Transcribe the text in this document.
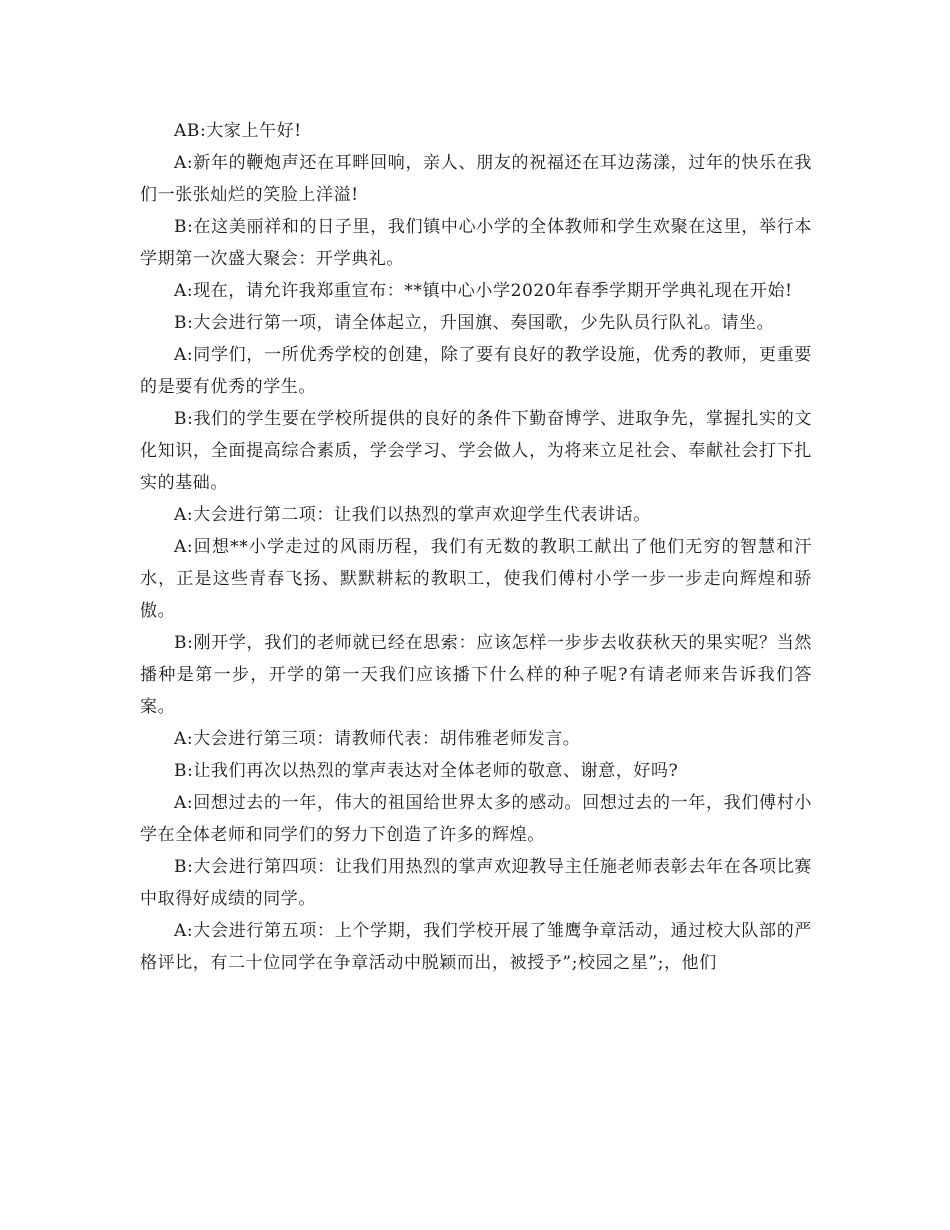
AB:大家上午好!

A:新年的鞭炮声还在耳畔回响，亲人、朋友的祝福还在耳边荡漾，过年的快乐在我们一张张灿烂的笑脸上洋溢!

B:在这美丽祥和的日子里，我们镇中心小学的全体教师和学生欢聚在这里，举行本学期第一次盛大聚会：开学典礼。

A:现在，请允许我郑重宣布：**镇中心小学2020年春季学期开学典礼现在开始!

B:大会进行第一项，请全体起立，升国旗、奏国歌，少先队员行队礼。请坐。

A:同学们，一所优秀学校的创建，除了要有良好的教学设施，优秀的教师，更重要的是要有优秀的学生。

B:我们的学生要在学校所提供的良好的条件下勤奋博学、进取争先，掌握扎实的文化知识，全面提高综合素质，学会学习、学会做人，为将来立足社会、奉献社会打下扎实的基础。

A:大会进行第二项：让我们以热烈的掌声欢迎学生代表讲话。

A:回想**小学走过的风雨历程，我们有无数的教职工献出了他们无穷的智慧和汗水，正是这些青春飞扬、默默耕耘的教职工，使我们傅村小学一步一步走向辉煌和骄傲。

B:刚开学，我们的老师就已经在思索：应该怎样一步步去收获秋天的果实呢？当然播种是第一步，开学的第一天我们应该播下什么样的种子呢?有请老师来告诉我们答案。

A:大会进行第三项：请教师代表：胡伟雅老师发言。

B:让我们再次以热烈的掌声表达对全体老师的敬意、谢意，好吗?

A:回想过去的一年，伟大的祖国给世界太多的感动。回想过去的一年，我们傅村小学在全体老师和同学们的努力下创造了许多的辉煌。

B:大会进行第四项：让我们用热烈的掌声欢迎教导主任施老师表彰去年在各项比赛中取得好成绩的同学。

A:大会进行第五项：上个学期，我们学校开展了雏鹰争章活动，通过校大队部的严格评比，有二十位同学在争章活动中脱颖而出，被授予”;校园之星”;，他们
